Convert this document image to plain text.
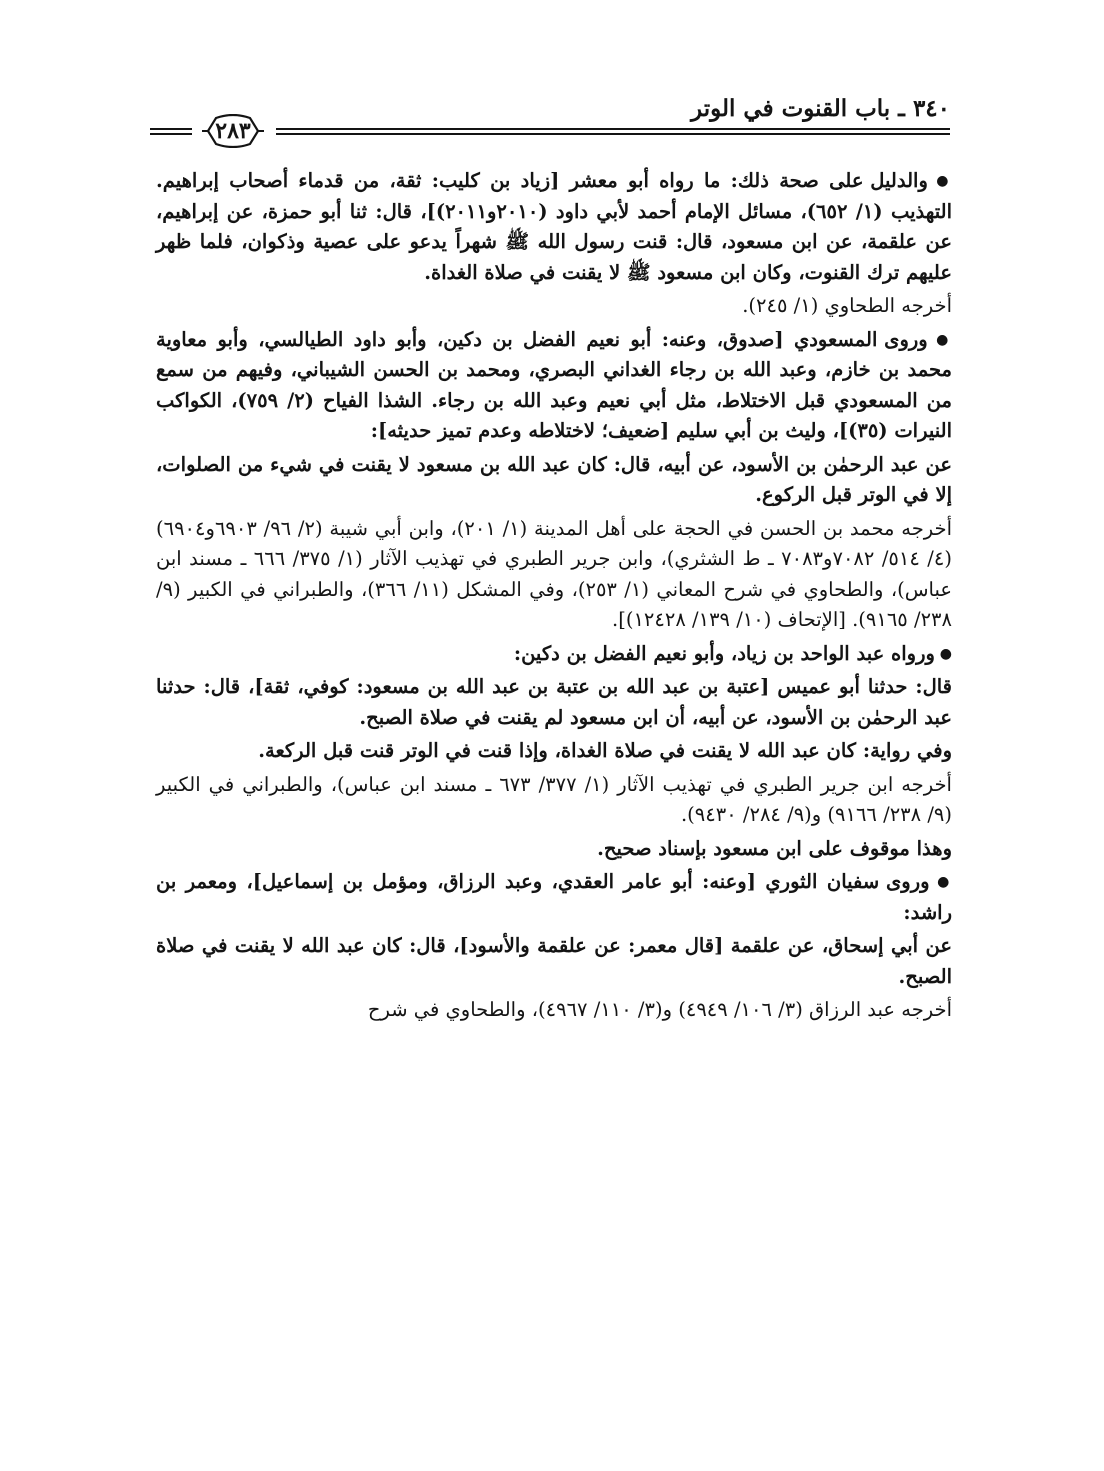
٣٤٠ ـ باب القنوت في الوتر
٢٨٣

● والدليل على صحة ذلك: ما رواه أبو معشر [زياد بن كليب: ثقة، من قدماء أصحاب إبراهيم. التهذيب (١/ ٦٥٢)، مسائل الإمام أحمد لأبي داود (٢٠١٠و٢٠١١)]، قال: ثنا أبو حمزة، عن إبراهيم، عن علقمة، عن ابن مسعود، قال: قنت رسول الله ﷺ شهراً يدعو على عصية وذكوان، فلما ظهر عليهم ترك القنوت، وكان ابن مسعود ﷺ لا يقنت في صلاة الغداة.

أخرجه الطحاوي (١/ ٢٤٥).

● وروى المسعودي [صدوق، وعنه: أبو نعيم الفضل بن دكين، وأبو داود الطيالسي، وأبو معاوية محمد بن خازم، وعبد الله بن رجاء الغداني البصري، ومحمد بن الحسن الشيباني، وفيهم من سمع من المسعودي قبل الاختلاط، مثل أبي نعيم وعبد الله بن رجاء. الشذا الفياح (٢/ ٧٥٩)، الكواكب النيرات (٣٥)]، وليث بن أبي سليم [ضعيف؛ لاختلاطه وعدم تميز حديثه]:

عن عبد الرحمٰن بن الأسود، عن أبيه، قال: كان عبد الله بن مسعود لا يقنت في شيء من الصلوات، إلا في الوتر قبل الركوع.

أخرجه محمد بن الحسن في الحجة على أهل المدينة (١/ ٢٠١)، وابن أبي شيبة (٢/ ٩٦/ ٦٩٠٣و٦٩٠٤) (٤/ ٥١٤/ ٧٠٨٢و٧٠٨٣ ـ ط الشثري)، وابن جرير الطبري في تهذيب الآثار (١/ ٣٧٥/ ٦٦٦ ـ مسند ابن عباس)، والطحاوي في شرح المعاني (١/ ٢٥٣)، وفي المشكل (١١/ ٣٦٦)، والطبراني في الكبير (٩/ ٢٣٨/ ٩١٦٥). [الإتحاف (١٠/ ١٣٩/ ١٢٤٢٨)].

● ورواه عبد الواحد بن زياد، وأبو نعيم الفضل بن دكين:

قال: حدثنا أبو عميس [عتبة بن عبد الله بن عتبة بن عبد الله بن مسعود: كوفي، ثقة]، قال: حدثنا عبد الرحمٰن بن الأسود، عن أبيه، أن ابن مسعود لم يقنت في صلاة الصبح.

وفي رواية: كان عبد الله لا يقنت في صلاة الغداة، وإذا قنت في الوتر قنت قبل الركعة.

أخرجه ابن جرير الطبري في تهذيب الآثار (١/ ٣٧٧/ ٦٧٣ ـ مسند ابن عباس)، والطبراني في الكبير (٩/ ٢٣٨/ ٩١٦٦) و(٩/ ٢٨٤/ ٩٤٣٠).

وهذا موقوف على ابن مسعود بإسناد صحيح.

● وروى سفيان الثوري [وعنه: أبو عامر العقدي، وعبد الرزاق، ومؤمل بن إسماعيل]، ومعمر بن راشد:

عن أبي إسحاق، عن علقمة [قال معمر: عن علقمة والأسود]، قال: كان عبد الله لا يقنت في صلاة الصبح.

أخرجه عبد الرزاق (٣/ ١٠٦/ ٤٩٤٩) و(٣/ ١١٠/ ٤٩٦٧)، والطحاوي في شرح
